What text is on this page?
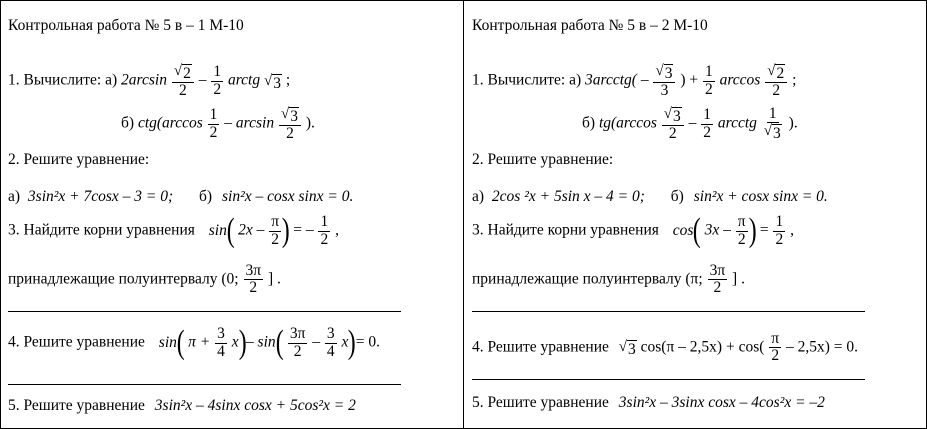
Контрольная работа № 5 в – 1 М-10
1. Вычислите: а) $2\arcsin \frac{√ 2}{2} - \frac{1}{2}$ arctg √ 3 ;
б) $ctg(\arccos \frac{1}{2}$ – $\arcsin \frac{√ 3}{2}$ ).
2. Решите уравнение:
а) 3sin²x + 7cosx – 3 = 0; б) sin²x – cosx sinx = 0.
3. Найдите корни уравнения sin( $2x - \frac{\pi}{2}$ ) = – $\frac{1}{2}$ ,
принадлежащие полуинтервалу (0; $\frac{3\pi}{2}$ ] .
4. Решите уравнение sin( $\pi + \frac{3}{4} x)-$ $\sin( \frac{3\pi}{2} - \frac{3}{4} x)= 0$.
5. Решите уравнение 3sin²x – 4sinx cosx + 5cos²x = 2
Контрольная работа № 5 в – 2 М-10
1. Вычислите: а) 3arcctg( – $\frac{√ 3}{3}$ ) + $\frac{1}{2}$ $\arccos \frac{√ 2}{2}$ ;
б) $tg(\arccos \frac{√ 3}{2} - \frac{1}{2}$ arcctg $\frac{1}{√ 3}$ ).
2. Решите уравнение:
а) 2cos ²x + 5sin x – 4 = 0; б) sin²x + cosx sinx = 0.
3. Найдите корни уравнения cos( $3x - \frac{\pi}{2}$ ) = $\frac{1}{2}$ ,
принадлежащие полуинтервалу (π; $\frac{3\pi}{2}$ ] .
4. Решите уравнение √ 3 $\cos(\pi - 2,5x) + \cos( \frac{\pi}{2} - 2,5x) = 0$.
5. Решите уравнение 3sin²x – 3sinx cosx – 4cos²x = –2
